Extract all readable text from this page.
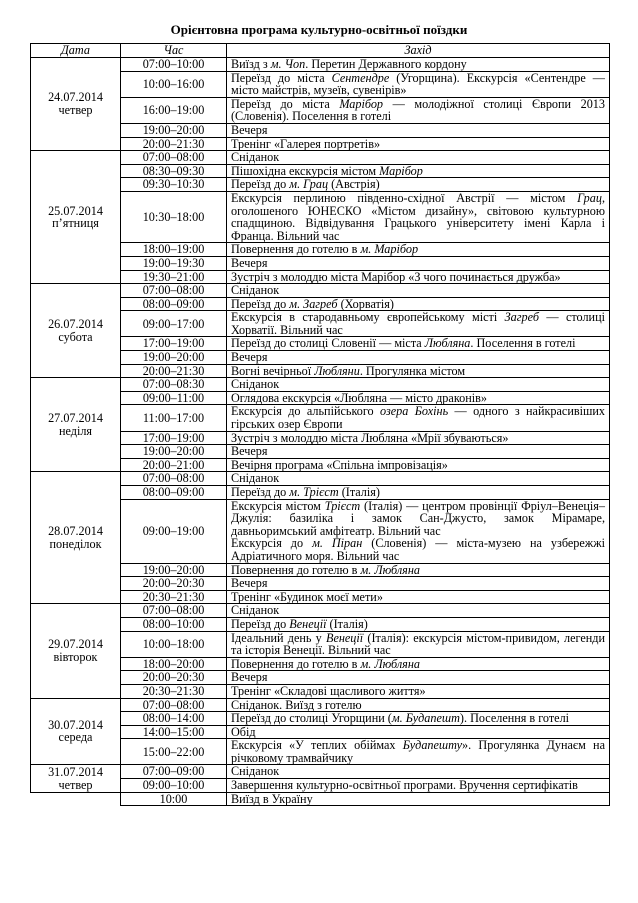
Орієнтовна програма культурно-освітньої поїздки
Дата	Час	Захід

24.07.2014
четвер	07:00–10:00	Виїзд з м. Чоп. Перетин Державного кордону

	10:00–16:00	Переїзд до міста Сентендре (Угорщина). Екскурсія «Сентендре — місто майстрів, музеїв, сувенірів»

	16:00–19:00	Переїзд до міста Марібор — молодіжної столиці Європи 2013 (Словенія). Поселення в готелі

	19:00–20:00	Вечеря

	20:00–21:30	Тренінг «Галерея портретів»

25.07.2014
п’ятниця	07:00–08:00	Сніданок

	08:30–09:30	Пішохідна екскурсія містом Марібор

	09:30–10:30	Переїзд до м. Грац (Австрія)

	10:30–18:00	Екскурсія перлиною південно-східної Австрії — містом Грац, оголошеного ЮНЕСКО «Містом дизайну», світовою культурною спадщиною. Відвідування Грацького університету імені Карла і Франца. Вільний час

	18:00–19:00	Повернення до готелю в м. Марібор

	19:00–19:30	Вечеря

	19:30–21:00	Зустріч з молоддю міста Марібор «З чого починається дружба»

26.07.2014
субота	07:00–08:00	Сніданок

	08:00–09:00	Переїзд до м. Загреб (Хорватія)

	09:00–17:00	Екскурсія в стародавньому європейському місті Загреб — столиці Хорватії. Вільний час

	17:00–19:00	Переїзд до столиці Словенії — міста Любляна. Поселення в готелі

	19:00–20:00	Вечеря

	20:00–21:30	Вогні вечірньої Любляни. Прогулянка містом

27.07.2014
неділя	07:00–08:30	Сніданок

	09:00–11:00	Оглядова екскурсія «Любляна — місто драконів»

	11:00–17:00	Екскурсія до альпійського озера Бохінь — одного з найкрасивіших гірських озер Європи

	17:00–19:00	Зустріч з молоддю міста Любляна «Мрії збуваються»

	19:00–20:00	Вечеря

	20:00–21:00	Вечірня програма «Спільна імпровізація»

28.07.2014
понеділок	07:00–08:00	Сніданок

	08:00–09:00	Переїзд до м. Трієст (Італія)

	09:00–19:00	Екскурсія містом Трієст (Італія) — центром провінції Фріул–Венеція–Джулія: базиліка і замок Сан-Джусто, замок Мірамаре, давньоримський амфітеатр. Вільний час
Екскурсія до м. Піран (Словенія) — міста-музею на узбережжі Адріатичного моря. Вільний час

	19:00–20:00	Повернення до готелю в м. Любляна

	20:00–20:30	Вечеря

	20:30–21:30	Тренінг «Будинок моєї мети»

29.07.2014
вівторок	07:00–08:00	Сніданок

	08:00–10:00	Переїзд до Венеції (Італія)

	10:00–18:00	Ідеальний день у Венеції (Італія): екскурсія містом-привидом, легенди та історія Венеції. Вільний час

	18:00–20:00	Повернення до готелю в м. Любляна

	20:00–20:30	Вечеря

	20:30–21:30	Тренінг «Складові щасливого життя»

30.07.2014
середа	07:00–08:00	Сніданок. Виїзд з готелю

	08:00–14:00	Переїзд до столиці Угорщини (м. Будапешт). Поселення в готелі

	14:00–15:00	Обід

	15:00–22:00	Екскурсія «У теплих обіймах Будапешту». Прогулянка Дунаєм на річковому трамвайчику

31.07.2014
четвер	07:00–09:00	Сніданок

	09:00–10:00	Завершення культурно-освітньої програми. Вручення сертифікатів

	10:00	Виїзд в Україну
